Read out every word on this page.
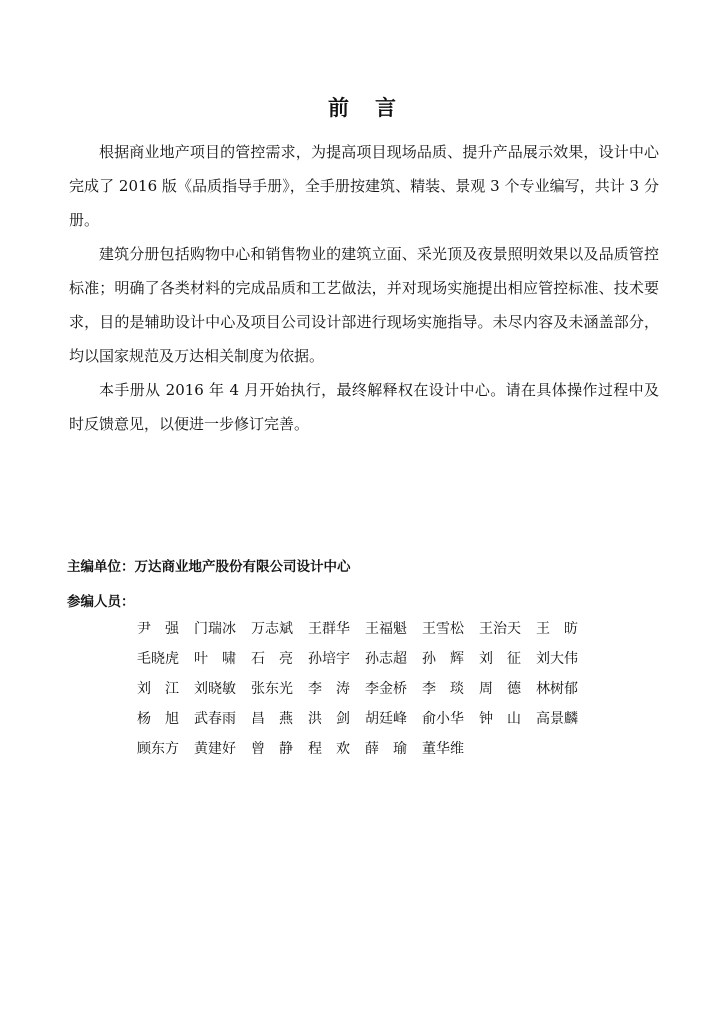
前 言

根据商业地产项目的管控需求，为提高项目现场品质、提升产品展示效果，设计中心完成了 2016 版《品质指导手册》，全手册按建筑、精装、景观 3 个专业编写，共计 3 分册。

建筑分册包括购物中心和销售物业的建筑立面、采光顶及夜景照明效果以及品质管控标准；明确了各类材料的完成品质和工艺做法，并对现场实施提出相应管控标准、技术要求，目的是辅助设计中心及项目公司设计部进行现场实施指导。未尽内容及未涵盖部分，均以国家规范及万达相关制度为依据。

本手册从 2016 年 4 月开始执行，最终解释权在设计中心。请在具体操作过程中及时反馈意见，以便进一步修订完善。

主编单位：万达商业地产股份有限公司设计中心
参编人员：
尹　强	门瑞冰	万志斌	王群华	王福魁	王雪松	王治天	王　昉
毛晓虎	叶　啸	石　亮	孙培宇	孙志超	孙　辉	刘　征	刘大伟
刘　江	刘晓敏	张东光	李　涛	李金桥	李　琰	周　德	林树郁
杨　旭	武春雨	昌　燕	洪　剑	胡廷峰	俞小华	钟　山	高景麟
顾东方	黄建好	曾　静	程　欢	薛　瑜	董华维
